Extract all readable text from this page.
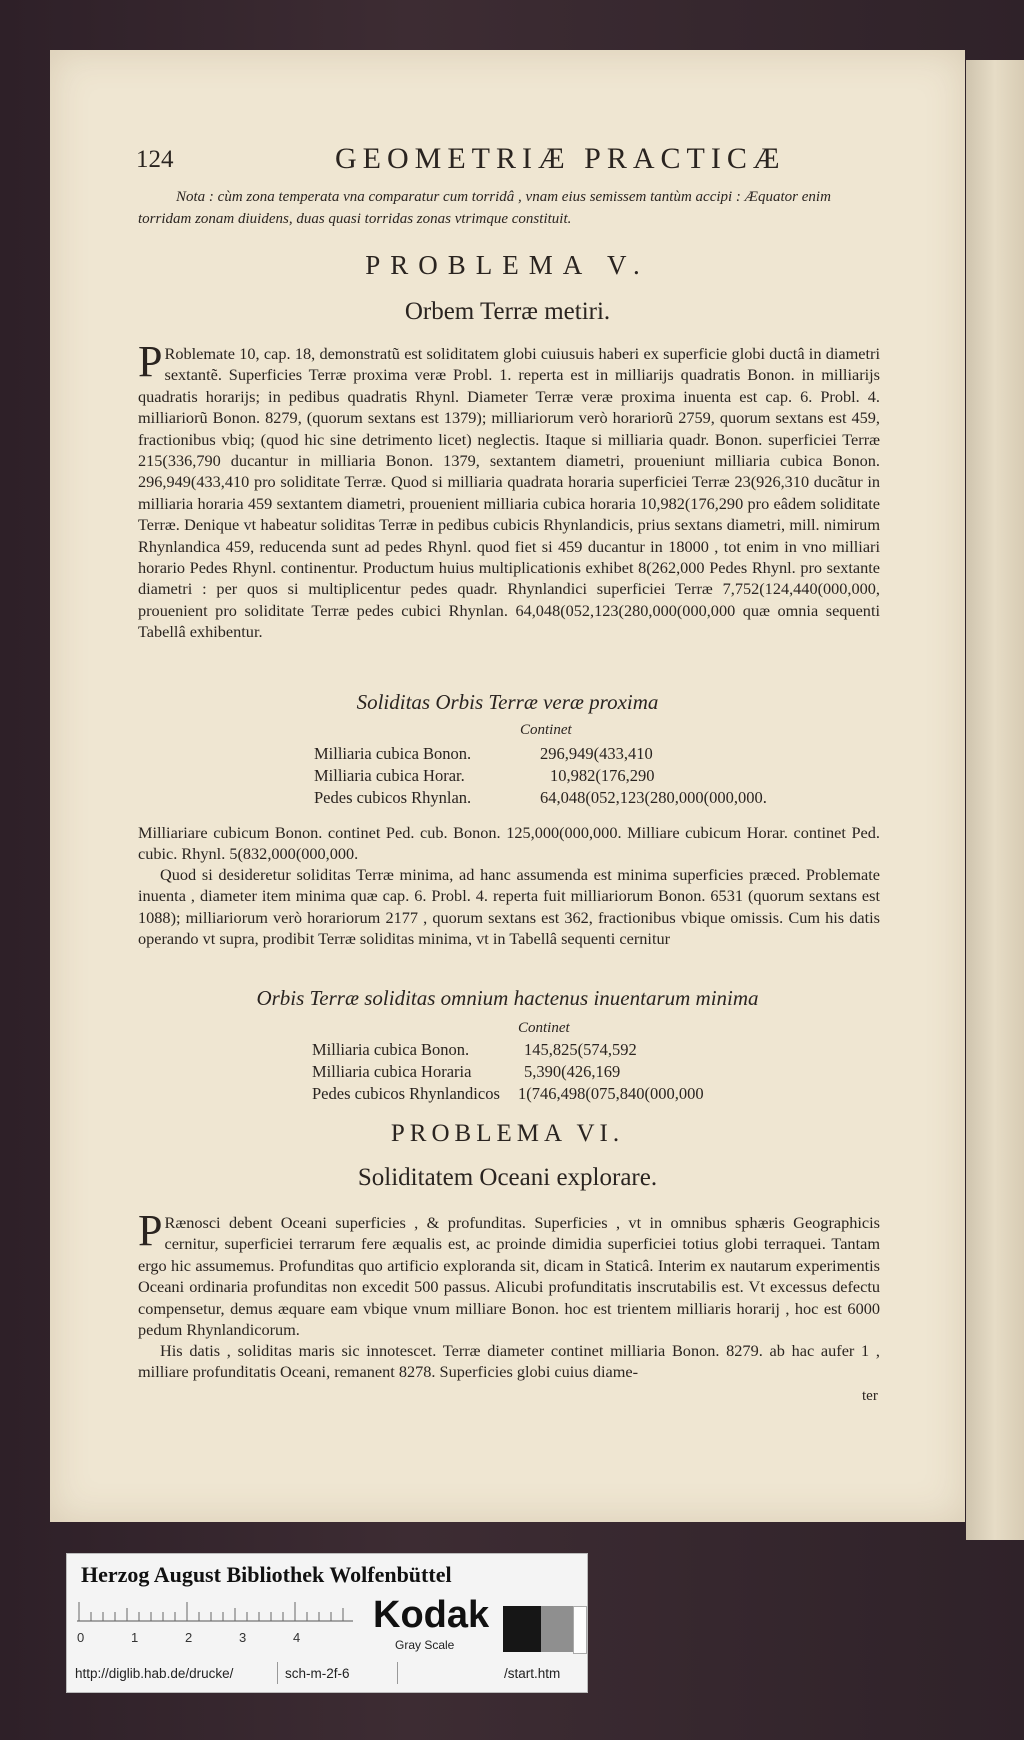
124	GEOMETRIÆ PRACTICÆ
Nota : cùm zona temperata vna comparatur cum torridâ , vnam eius semissem tantùm accipi : Æquator enim torridam zonam diuidens, duas quasi torridas zonas vtrimque constituit.
PROBLEMA V.
Orbem Terræ metiri.
P Roblemate 10, cap. 18, demonstratũ est soliditatem globi cuiusuis haberi ex superficie globi ductâ in diametri sextantẽ. Superficies Terræ proxima veræ Probl. 1. reperta est in milliarijs quadratis Bonon. in milliarijs quadratis horarijs; in pedibus quadratis Rhynl. Diameter Terræ veræ proxima inuenta est cap. 6. Probl. 4. milliariorũ Bonon. 8279, (quorum sextans est 1379); milliariorum verò horariorũ 2759, quorum sextans est 459, fractionibus vbiq; (quod hic sine detrimento licet) neglectis. Itaque si milliaria quadr. Bonon. superficiei Terræ 215(336,790 ducantur in milliaria Bonon. 1379, sextantem diametri, proueniunt milliaria cubica Bonon. 296,949(433,410 pro soliditate Terræ. Quod si milliaria quadrata horaria superficiei Terræ 23(926,310 ducãtur in milliaria horaria 459 sextantem diametri, prouenient milliaria cubica horaria 10,982(176,290 pro eâdem soliditate Terræ. Denique vt habeatur soliditas Terræ in pedibus cubicis Rhynlandicis, prius sextans diametri, mill. nimirum Rhynlandica 459, reducenda sunt ad pedes Rhynl. quod fiet si 459 ducantur in 18000 , tot enim in vno milliari horario Pedes Rhynl. continentur. Productum huius multiplicationis exhibet 8(262,000 Pedes Rhynl. pro sextante diametri : per quos si multiplicentur pedes quadr. Rhynlandici superficiei Terræ 7,752(124,440(000,000, prouenient pro soliditate Terræ pedes cubici Rhynlan. 64,048(052,123(280,000(000,000 quæ omnia sequenti Tabellâ exhibentur.
Soliditas Orbis Terræ veræ proxima
Continet
Milliaria cubica Bonon.	296,949(433,410
Milliaria cubica Horar.	10,982(176,290
Pedes cubicos Rhynlan.	64,048(052,123(280,000(000,000.
Milliariare cubicum Bonon. continet Ped. cub. Bonon. 125,000(000,000. Milliare cubicum Horar. continet Ped. cubic. Rhynl. 5(832,000(000,000.
Quod si desideretur soliditas Terræ minima, ad hanc assumenda est minima superficies præced. Problemate inuenta , diameter item minima quæ cap. 6. Probl. 4. reperta fuit milliariorum Bonon. 6531 (quorum sextans est 1088); milliariorum verò horariorum 2177 , quorum sextans est 362, fractionibus vbique omissis. Cum his datis operando vt supra, prodibit Terræ soliditas minima, vt in Tabellâ sequenti cernitur
Orbis Terræ soliditas omnium hactenus inuentarum minima
Continet
Milliaria cubica Bonon.	145,825(574,592
Milliaria cubica Horaria	5,390(426,169
Pedes cubicos Rhynlandicos 1(746,498(075,840(000,000
PROBLEMA VI.
Soliditatem Oceani explorare.
P Rænosci debent Oceani superficies , & profunditas. Superficies , vt in omnibus sphæris Geographicis cernitur, superficiei terrarum fere æqualis est, ac proinde dimidia superficiei totius globi terraquei. Tantam ergo hic assumemus. Profunditas quo artificio exploranda sit, dicam in Staticâ. Interim ex nautarum experimentis Oceani ordinaria profunditas non excedit 500 passus. Alicubi profunditatis inscrutabilis est. Vt excessus defectu compensetur, demus æquare eam vbique vnum milliare Bonon. hoc est trientem milliaris horarij , hoc est 6000 pedum Rhynlandicorum.
His datis , soliditas maris sic innotescet. Terræ diameter continet milliaria Bonon. 8279. ab hac aufer 1 , milliare profunditatis Oceani, remanent 8278. Superficies globi cuius diame-
ter
Herzog August Bibliothek Wolfenbüttel
0	1	2	3	4
Kodak
Gray Scale
http://diglib.hab.de/drucke/	sch-m-2f-6	/start.htm
